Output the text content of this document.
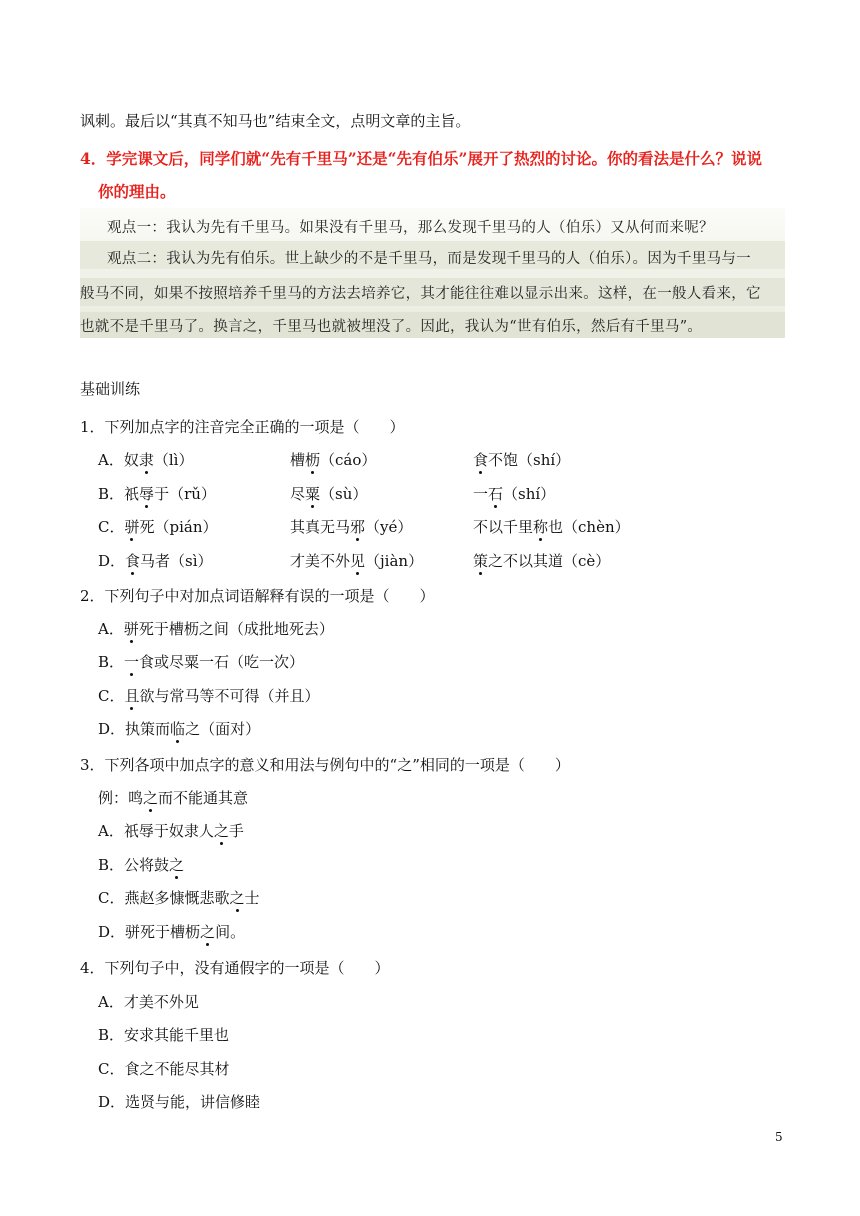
讽刺。最后以“其真不知马也”结束全文，点明文章的主旨。
4．学完课文后，同学们就“先有千里马”还是“先有伯乐”展开了热烈的讨论。你的看法是什么？说说
你的理由。
观点一：我认为先有千里马。如果没有千里马，那么发现千里马的人（伯乐）又从何而来呢？
观点二：我认为先有伯乐。世上缺少的不是千里马，而是发现千里马的人（伯乐）。因为千里马与一
般马不同，如果不按照培养千里马的方法去培养它，其才能往往难以显示出来。这样，在一般人看来，它
也就不是千里马了。换言之，千里马也就被埋没了。因此，我认为“世有伯乐，然后有千里马”。
基础训练
1．下列加点字的注音完全正确的一项是（　　）
A．奴隶（lì）	槽枥（cáo）	食不饱（shí）
B．祇辱于（rǔ）	尽粟（sù）	一石（shí）
C．骈死（pián）	其真无马邪（yé）	不以千里称也（chèn）
D．食马者（sì）	才美不外见（jiàn）	策之不以其道（cè）
2．下列句子中对加点词语解释有误的一项是（　　）
A．骈死于槽枥之间（成批地死去）
B．一食或尽粟一石（吃一次）
C．且欲与常马等不可得（并且）
D．执策而临之（面对）
3．下列各项中加点字的意义和用法与例句中的“之”相同的一项是（　　）
例：鸣之而不能通其意
A．祇辱于奴隶人之手
B．公将鼓之
C．燕赵多慷慨悲歌之士
D．骈死于槽枥之间。
4．下列句子中，没有通假字的一项是（　　）
A．才美不外见
B．安求其能千里也
C．食之不能尽其材
D．选贤与能，讲信修睦
5
